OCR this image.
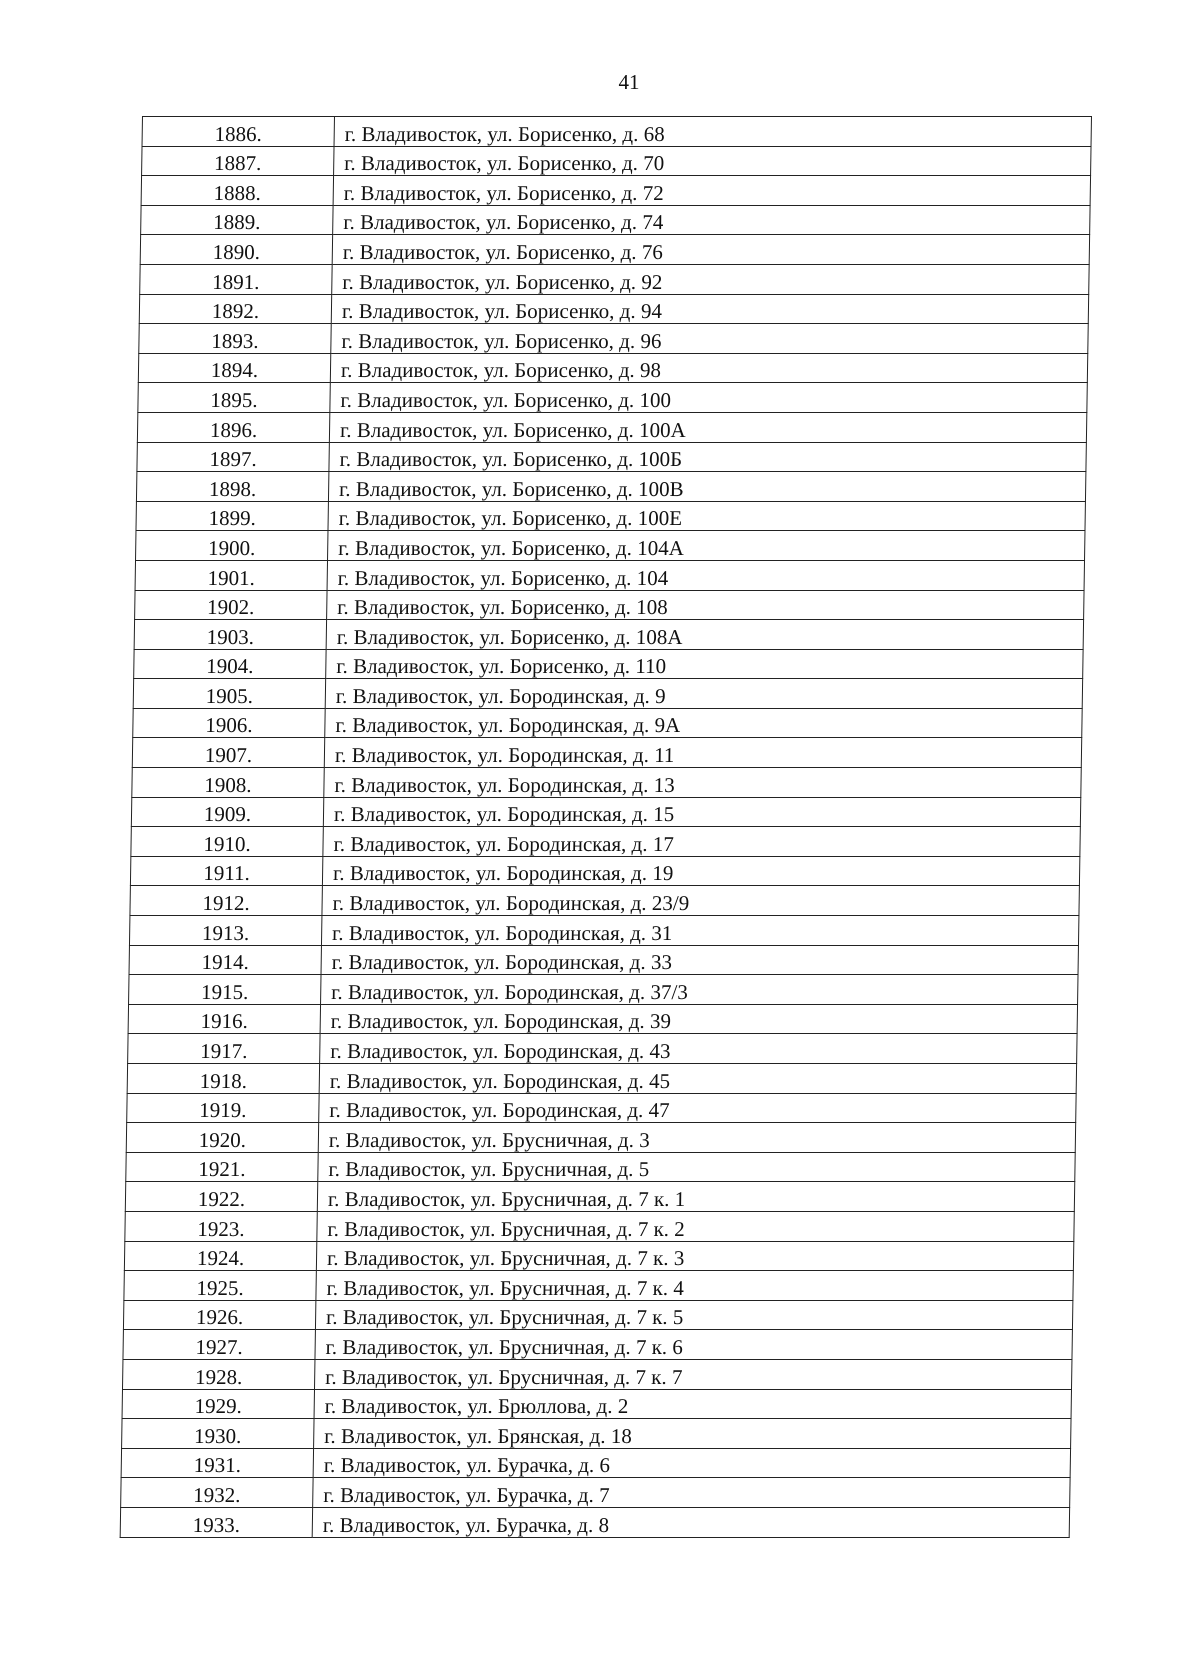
41
1886.	г. Владивосток, ул. Борисенко, д. 68
1887.	г. Владивосток, ул. Борисенко, д. 70
1888.	г. Владивосток, ул. Борисенко, д. 72
1889.	г. Владивосток, ул. Борисенко, д. 74
1890.	г. Владивосток, ул. Борисенко, д. 76
1891.	г. Владивосток, ул. Борисенко, д. 92
1892.	г. Владивосток, ул. Борисенко, д. 94
1893.	г. Владивосток, ул. Борисенко, д. 96
1894.	г. Владивосток, ул. Борисенко, д. 98
1895.	г. Владивосток, ул. Борисенко, д. 100
1896.	г. Владивосток, ул. Борисенко, д. 100А
1897.	г. Владивосток, ул. Борисенко, д. 100Б
1898.	г. Владивосток, ул. Борисенко, д. 100В
1899.	г. Владивосток, ул. Борисенко, д. 100Е
1900.	г. Владивосток, ул. Борисенко, д. 104А
1901.	г. Владивосток, ул. Борисенко, д. 104
1902.	г. Владивосток, ул. Борисенко, д. 108
1903.	г. Владивосток, ул. Борисенко, д. 108А
1904.	г. Владивосток, ул. Борисенко, д. 110
1905.	г. Владивосток, ул. Бородинская, д. 9
1906.	г. Владивосток, ул. Бородинская, д. 9А
1907.	г. Владивосток, ул. Бородинская, д. 11
1908.	г. Владивосток, ул. Бородинская, д. 13
1909.	г. Владивосток, ул. Бородинская, д. 15
1910.	г. Владивосток, ул. Бородинская, д. 17
1911.	г. Владивосток, ул. Бородинская, д. 19
1912.	г. Владивосток, ул. Бородинская, д. 23/9
1913.	г. Владивосток, ул. Бородинская, д. 31
1914.	г. Владивосток, ул. Бородинская, д. 33
1915.	г. Владивосток, ул. Бородинская, д. 37/3
1916.	г. Владивосток, ул. Бородинская, д. 39
1917.	г. Владивосток, ул. Бородинская, д. 43
1918.	г. Владивосток, ул. Бородинская, д. 45
1919.	г. Владивосток, ул. Бородинская, д. 47
1920.	г. Владивосток, ул. Брусничная, д. 3
1921.	г. Владивосток, ул. Брусничная, д. 5
1922.	г. Владивосток, ул. Брусничная, д. 7 к. 1
1923.	г. Владивосток, ул. Брусничная, д. 7 к. 2
1924.	г. Владивосток, ул. Брусничная, д. 7 к. 3
1925.	г. Владивосток, ул. Брусничная, д. 7 к. 4
1926.	г. Владивосток, ул. Брусничная, д. 7 к. 5
1927.	г. Владивосток, ул. Брусничная, д. 7 к. 6
1928.	г. Владивосток, ул. Брусничная, д. 7 к. 7
1929.	г. Владивосток, ул. Брюллова, д. 2
1930.	г. Владивосток, ул. Брянская, д. 18
1931.	г. Владивосток, ул. Бурачка, д. 6
1932.	г. Владивосток, ул. Бурачка, д. 7
1933.	г. Владивосток, ул. Бурачка, д. 8
